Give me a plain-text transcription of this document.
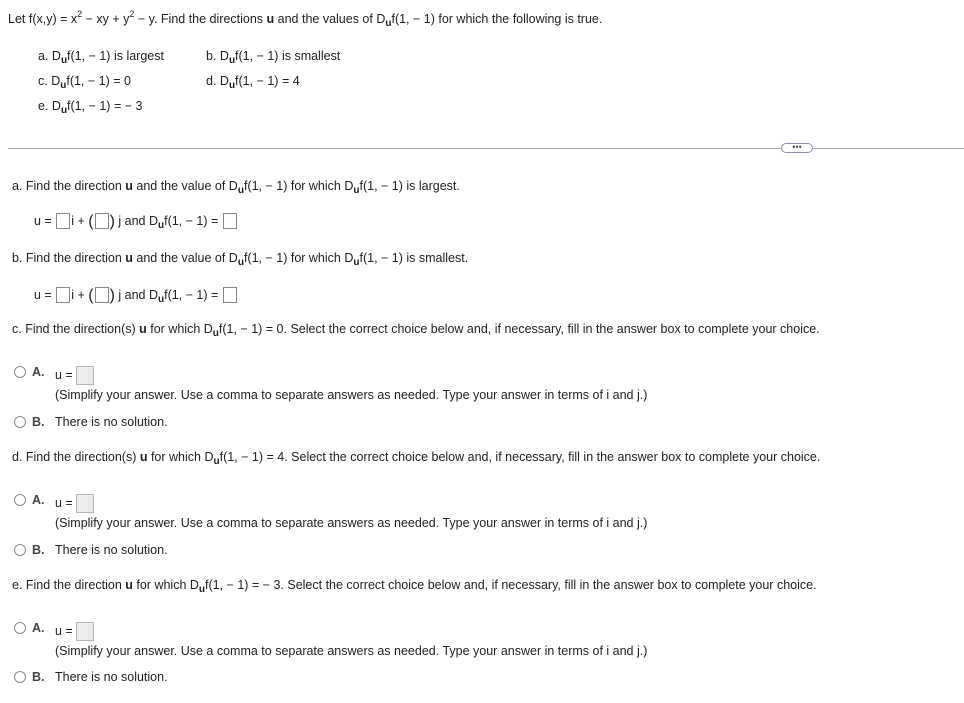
Let $f(x,y) = x^2$ − xy + $y^2 - y$. Find the directions u and the values of $D_uf(1$, − 1) for which the following is true.
a. $D_uf(1$, − 1) is largest	b. $D_uf(1$, − 1) is smallest
c. $D_uf(1$, − 1) = 0	d. $D_uf(1$, − 1) = 4
e. $D_uf(1$, − 1) = − 3
•••
a. Find the direction u and the value of $D_uf(1$, − 1) for which $D_uf(1$, − 1) is largest.
u = i + ( ) j and $D_uf(1$, − 1) =
b. Find the direction u and the value of $D_uf(1$, − 1) for which $D_uf(1$, − 1) is smallest.
u = i + ( ) j and $D_uf(1$, − 1) =
c. Find the direction(s) u for which $D_uf(1$, − 1) = 0. Select the correct choice below and, if necessary, fill in the answer box to complete your choice.
A. u =
(Simplify your answer. Use a comma to separate answers as needed. Type your answer in terms of i and j.)
B. There is no solution.
d. Find the direction(s) u for which $D_uf(1$, − 1) = 4. Select the correct choice below and, if necessary, fill in the answer box to complete your choice.
A. u =
(Simplify your answer. Use a comma to separate answers as needed. Type your answer in terms of i and j.)
B. There is no solution.
e. Find the direction u for which $D_uf(1$, − 1) = − 3. Select the correct choice below and, if necessary, fill in the answer box to complete your choice.
A. u =
(Simplify your answer. Use a comma to separate answers as needed. Type your answer in terms of i and j.)
B. There is no solution.
